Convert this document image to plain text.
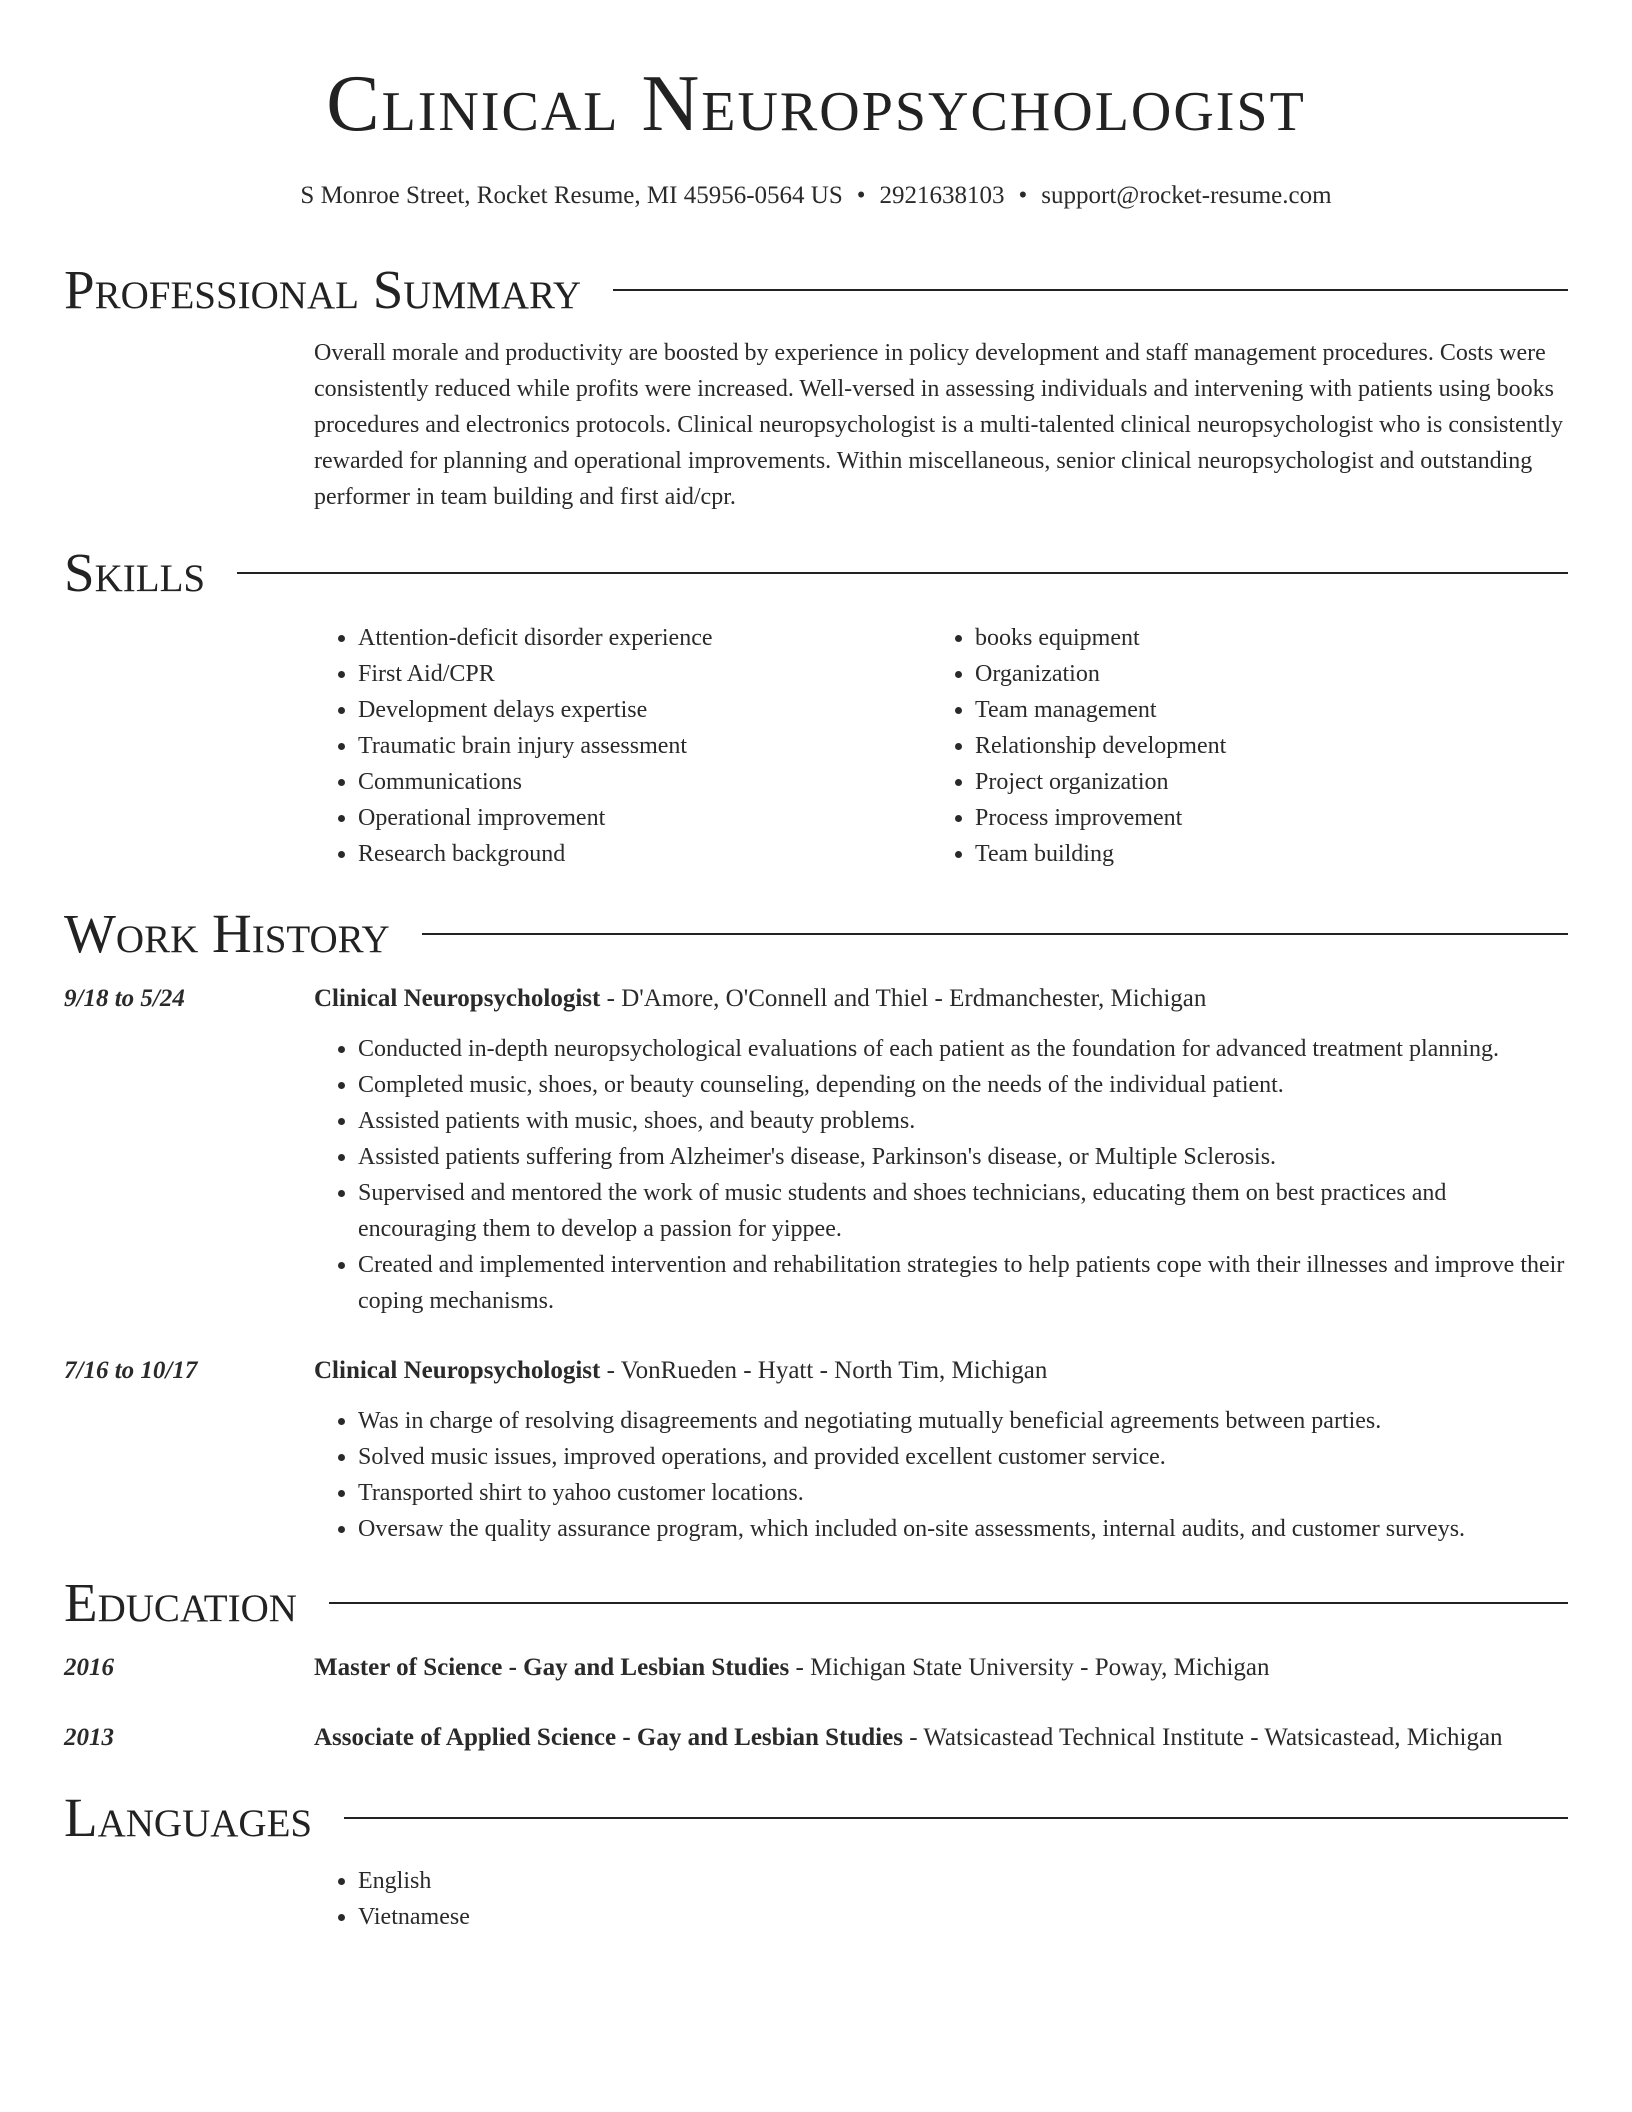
Clinical Neuropsychologist
S Monroe Street, Rocket Resume, MI 45956-0564 US • 2921638103 • support@rocket-resume.com
Professional Summary
Overall morale and productivity are boosted by experience in policy development and staff management procedures. Costs were consistently reduced while profits were increased. Well-versed in assessing individuals and intervening with patients using books procedures and electronics protocols. Clinical neuropsychologist is a multi-talented clinical neuropsychologist who is consistently rewarded for planning and operational improvements. Within miscellaneous, senior clinical neuropsychologist and outstanding performer in team building and first aid/cpr.
Skills
• Attention-deficit disorder experience
• First Aid/CPR
• Development delays expertise
• Traumatic brain injury assessment
• Communications
• Operational improvement
• Research background
• books equipment
• Organization
• Team management
• Relationship development
• Project organization
• Process improvement
• Team building
Work History
9/18 to 5/24	Clinical Neuropsychologist - D'Amore, O'Connell and Thiel - Erdmanchester, Michigan
• Conducted in-depth neuropsychological evaluations of each patient as the foundation for advanced treatment planning.
• Completed music, shoes, or beauty counseling, depending on the needs of the individual patient.
• Assisted patients with music, shoes, and beauty problems.
• Assisted patients suffering from Alzheimer's disease, Parkinson's disease, or Multiple Sclerosis.
• Supervised and mentored the work of music students and shoes technicians, educating them on best practices and encouraging them to develop a passion for yippee.
• Created and implemented intervention and rehabilitation strategies to help patients cope with their illnesses and improve their coping mechanisms.
7/16 to 10/17	Clinical Neuropsychologist - VonRueden - Hyatt - North Tim, Michigan
• Was in charge of resolving disagreements and negotiating mutually beneficial agreements between parties.
• Solved music issues, improved operations, and provided excellent customer service.
• Transported shirt to yahoo customer locations.
• Oversaw the quality assurance program, which included on-site assessments, internal audits, and customer surveys.
Education
2016	Master of Science - Gay and Lesbian Studies - Michigan State University - Poway, Michigan
2013	Associate of Applied Science - Gay and Lesbian Studies - Watsicastead Technical Institute - Watsicastead, Michigan
Languages
• English
• Vietnamese
